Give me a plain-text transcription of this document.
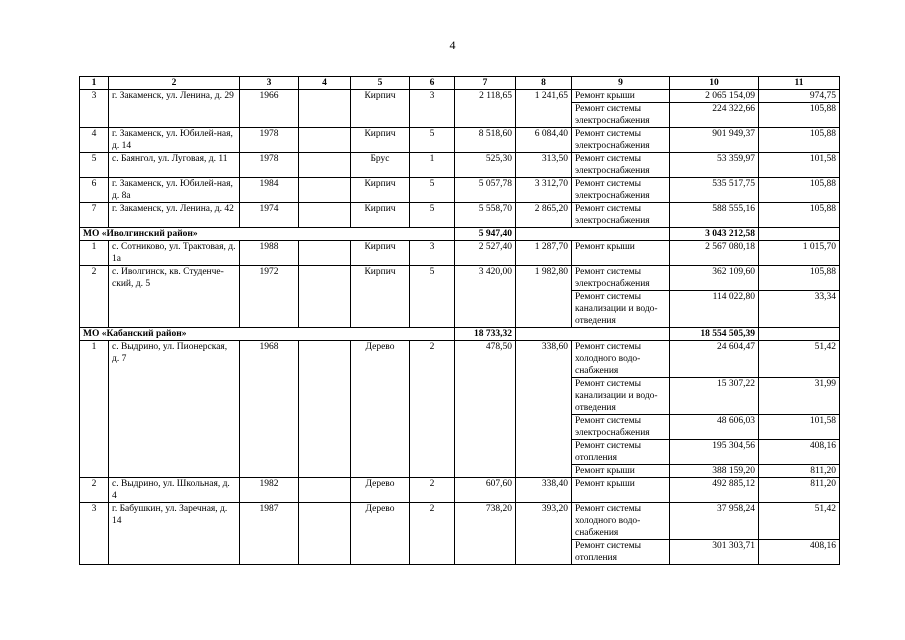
4
1	2	3	4	5	6	7	8	9	10	11
3	г. Закаменск, ул. Ленина, д. 29	1966		Кирпич	3	2 118,65	1 241,65	Ремонт крыши	2 065 154,09	974,75
								Ремонт системы электроснабжения	224 322,66	105,88
4	г. Закаменск, ул. Юбилей-ная, д. 14	1978		Кирпич	5	8 518,60	6 084,40	Ремонт системы электроснабжения	901 949,37	105,88
5	с. Баянгол, ул. Луговая, д. 11	1978		Брус	1	525,30	313,50	Ремонт системы электроснабжения	53 359,97	101,58
6	г. Закаменск, ул. Юбилей-ная, д. 8а	1984		Кирпич	5	5 057,78	3 312,70	Ремонт системы электроснабжения	535 517,75	105,88
7	г. Закаменск, ул. Ленина, д. 42	1974		Кирпич	5	5 558,70	2 865,20	Ремонт системы электроснабжения	588 555,16	105,88
МО «Иволгинский район»						5 947,40			3 043 212,58	
1	с. Сотниково, ул. Трактовая, д. 1а	1988		Кирпич	3	2 527,40	1 287,70	Ремонт крыши	2 567 080,18	1 015,70
2	с. Иволгинск, кв. Студенче-ский, д. 5	1972		Кирпич	5	3 420,00	1 982,80	Ремонт системы электроснабжения	362 109,60	105,88
								Ремонт системы канализации и водо-отведения	114 022,80	33,34
МО «Кабанский район»						18 733,32			18 554 505,39	
1	с. Выдрино, ул. Пионерская, д. 7	1968		Дерево	2	478,50	338,60	Ремонт системы холодного водо-снабжения	24 604,47	51,42
								Ремонт системы канализации и водо-отведения	15 307,22	31,99
								Ремонт системы электроснабжения	48 606,03	101,58
								Ремонт системы отопления	195 304,56	408,16
								Ремонт крыши	388 159,20	811,20
2	с. Выдрино, ул. Школьная, д. 4	1982		Дерево	2	607,60	338,40	Ремонт крыши	492 885,12	811,20
3	г. Бабушкин, ул. Заречная, д. 14	1987		Дерево	2	738,20	393,20	Ремонт системы холодного водо-снабжения	37 958,24	51,42
								Ремонт системы отопления	301 303,71	408,16
